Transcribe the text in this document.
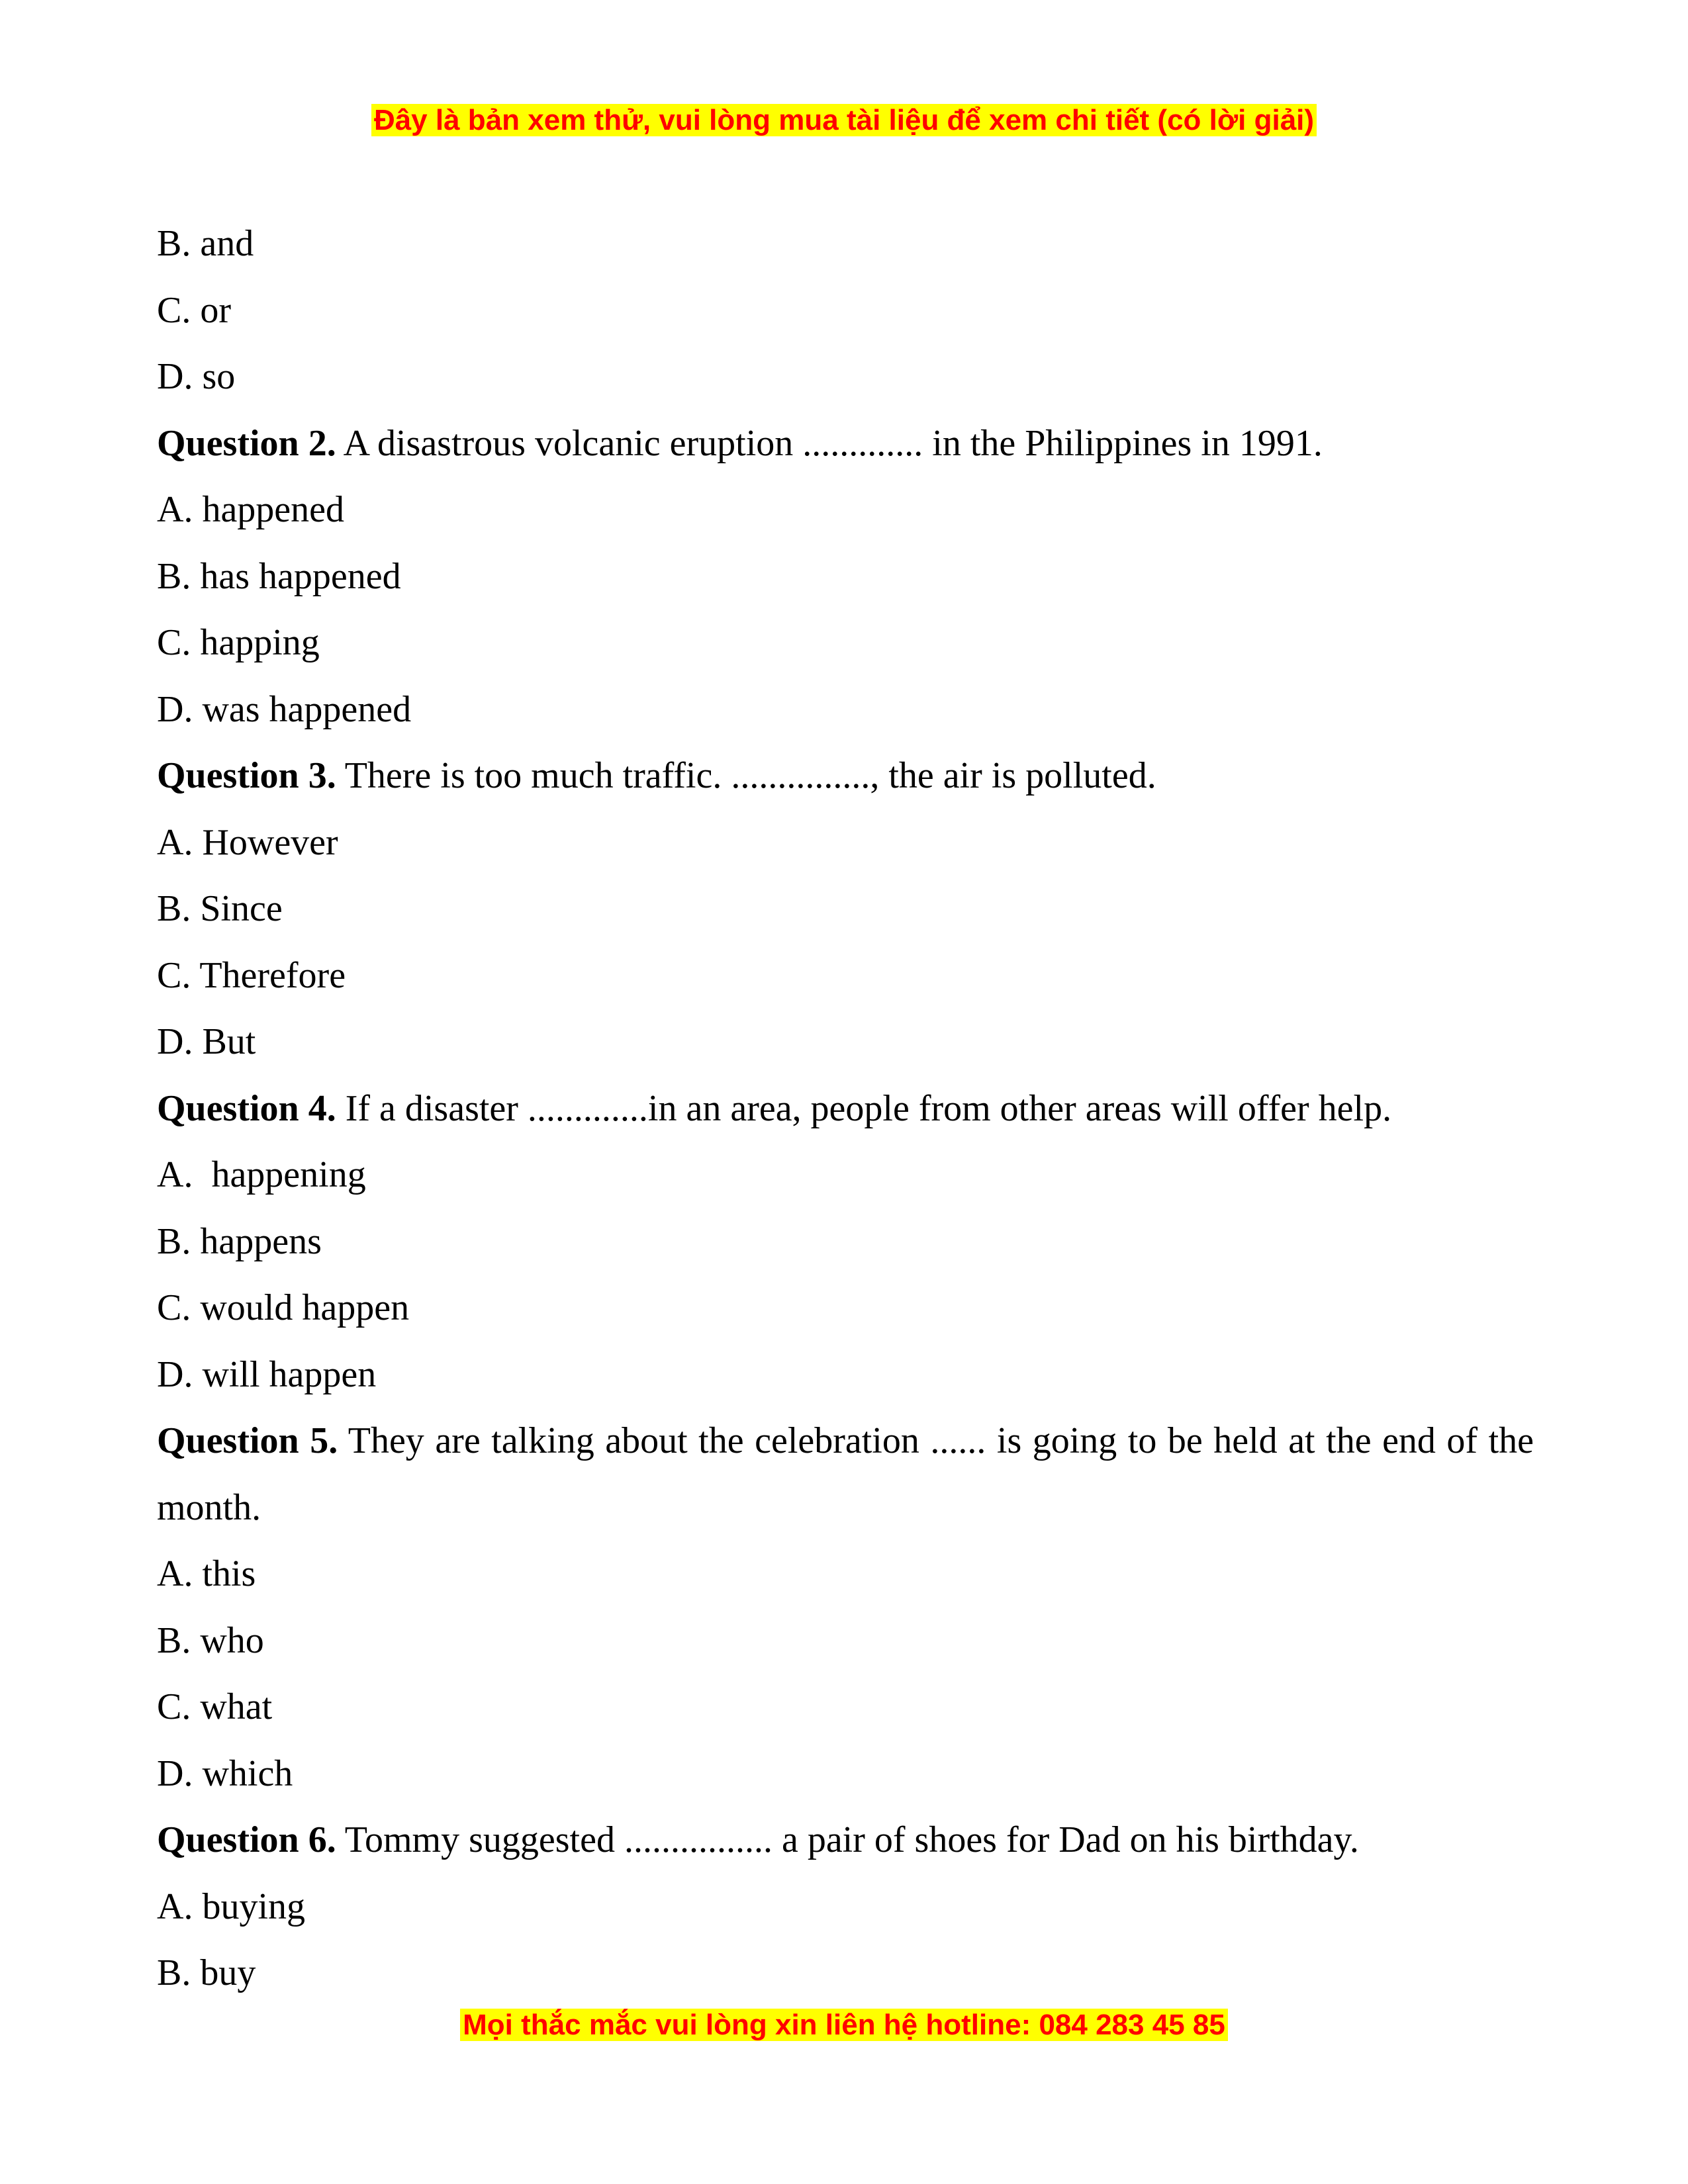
Đây là bản xem thử, vui lòng mua tài liệu để xem chi tiết (có lời giải)
B. and
C. or
D. so
Question 2. A disastrous volcanic eruption ............. in the Philippines in 1991.
A. happened
B. has happened
C. happing
D. was happened
Question 3. There is too much traffic. ..............., the air is polluted.
A. However
B. Since
C. Therefore
D. But
Question 4. If a disaster .............in an area, people from other areas will offer help.
A.  happening
B. happens
C. would happen
D. will happen
Question 5. They are talking about the celebration ...... is going to be held at the end of the month.
A. this
B. who
C. what
D. which
Question 6. Tommy suggested ................ a pair of shoes for Dad on his birthday.
A. buying
B. buy
Mọi thắc mắc vui lòng xin liên hệ hotline: 084 283 45 85
